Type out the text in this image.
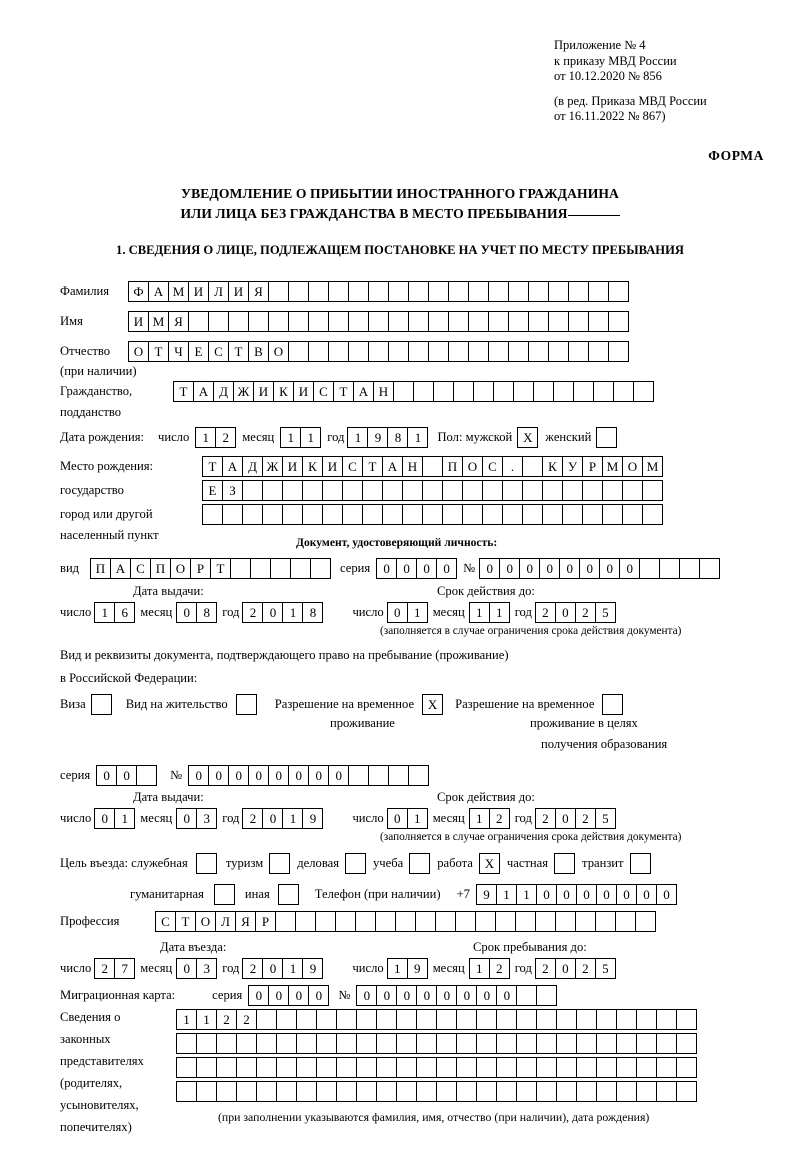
Приложение № 4
к приказу МВД России
от 10.12.2020 № 856
(в ред. Приказа МВД России
от 16.11.2022 № 867)
ФОРМА
УВЕДОМЛЕНИЕ О ПРИБЫТИИ ИНОСТРАННОГО ГРАЖДАНИНА
ИЛИ ЛИЦА БЕЗ ГРАЖДАНСТВА В МЕСТО ПРЕБЫВАНИЯ
1. СВЕДЕНИЯ О ЛИЦЕ, ПОДЛЕЖАЩЕМ ПОСТАНОВКЕ НА УЧЕТ ПО МЕСТУ ПРЕБЫВАНИЯ
Фамилия	Ф А М И Л И Я
Имя	И М Я
Отчество	О Т Ч Е С Т В О
(при наличии)
Гражданство,	Т А Д Ж И К И С Т А Н
подданство
Дата рождения: число	1	2	месяц	1	1	год 1	9	8	1	Пол: мужской X	женский
Место рождения:	Т А Д Ж И К И С Т А Н	П О С	.	К У Р М О М
государство	Е З
город или другой
населенный пункт
Документ, удостоверяющий личность:
вид	П А С П О Р Т	серия	0	0	0	0	№ 0	0	0	0	0	0	0	0
Дата выдачи:	Срок действия до:
число 1	6 месяц 0	8 год 2	0	1	8	число 0	1 месяц 1	1 год 2	0	2	5
(заполняется в случае ограничения срока действия документа)
Вид и реквизиты документа, подтверждающего право на пребывание (проживание)
в Российской Федерации:
Виза	Вид на жительство	Разрешение на временное	X	Разрешение на временное
проживание	проживание в целях
получения образования
серия	0	0	№	0	0	0	0	0	0	0	0
Дата выдачи:	Срок действия до:
число 0	1 месяц 0	3 год 2	0	1	9	число 0	1 месяц 1	2 год 2	0	2	5
(заполняется в случае ограничения срока действия документа)
Цель въезда: служебная	туризм	деловая	учеба	работа X	частная	транзит
гуманитарная	иная	Телефон (при наличии) +7	9	1	1	0	0	0	0	0	0	0
Профессия	С Т О Л Я Р
Дата въезда:	Срок пребывания до:
число 2	7 месяц 0	3 год 2	0	1	9	число 1	9 месяц 1	2 год 2	0	2	5
Миграционная карта:	серия	0	0	0	0	№	0	0	0	0	0	0	0	0
Сведения о
законных
представителях
(родителях,
усыновителях,
попечителях)
1	1	2	2
(при заполнении указываются фамилия, имя, отчество (при наличии), дата рождения)
